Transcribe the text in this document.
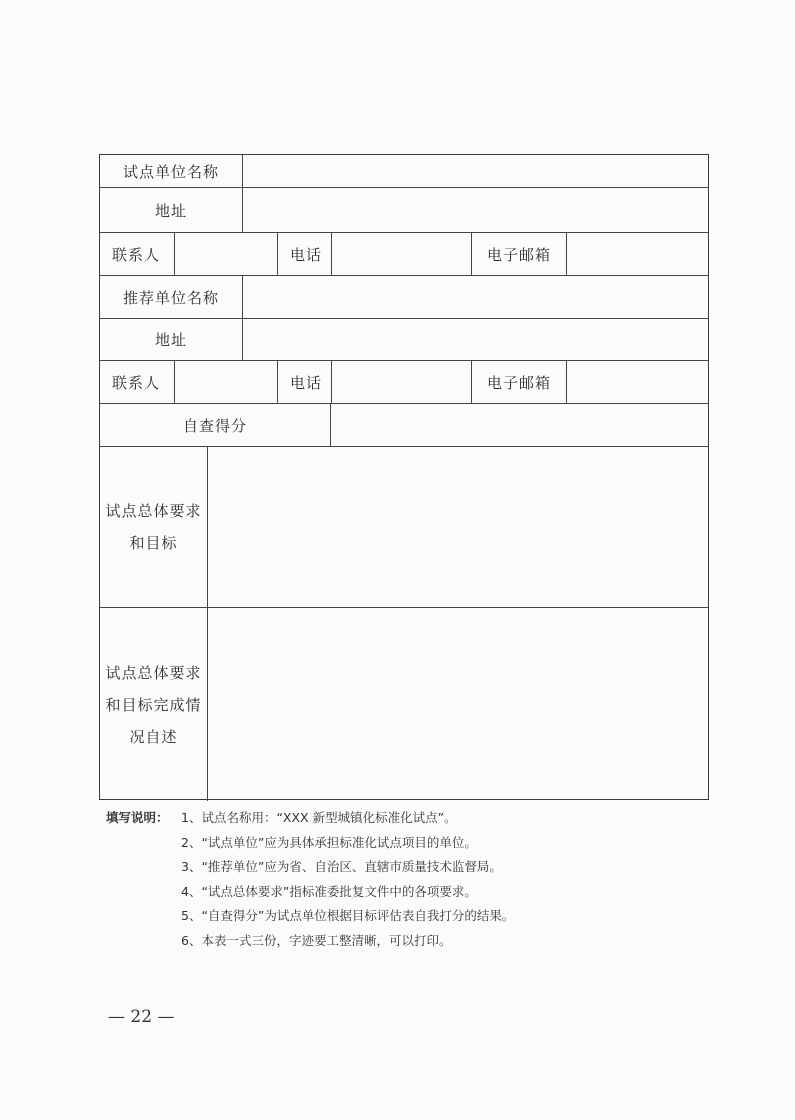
试点单位名称
地址
联系人	电话	电子邮箱
推荐单位名称
地址
联系人	电话	电子邮箱
自查得分
试点总体要求
和目标
试点总体要求
和目标完成情
况自述
填写说明： 1、试点名称用：“XXX 新型城镇化标准化试点”。
2、“试点单位”应为具体承担标准化试点项目的单位。
3、“推荐单位”应为省、自治区、直辖市质量技术监督局。
4、“试点总体要求”指标准委批复文件中的各项要求。
5、“自查得分”为试点单位根据目标评估表自我打分的结果。
6、本表一式三份，字迹要工整清晰，可以打印。
— 22 —
